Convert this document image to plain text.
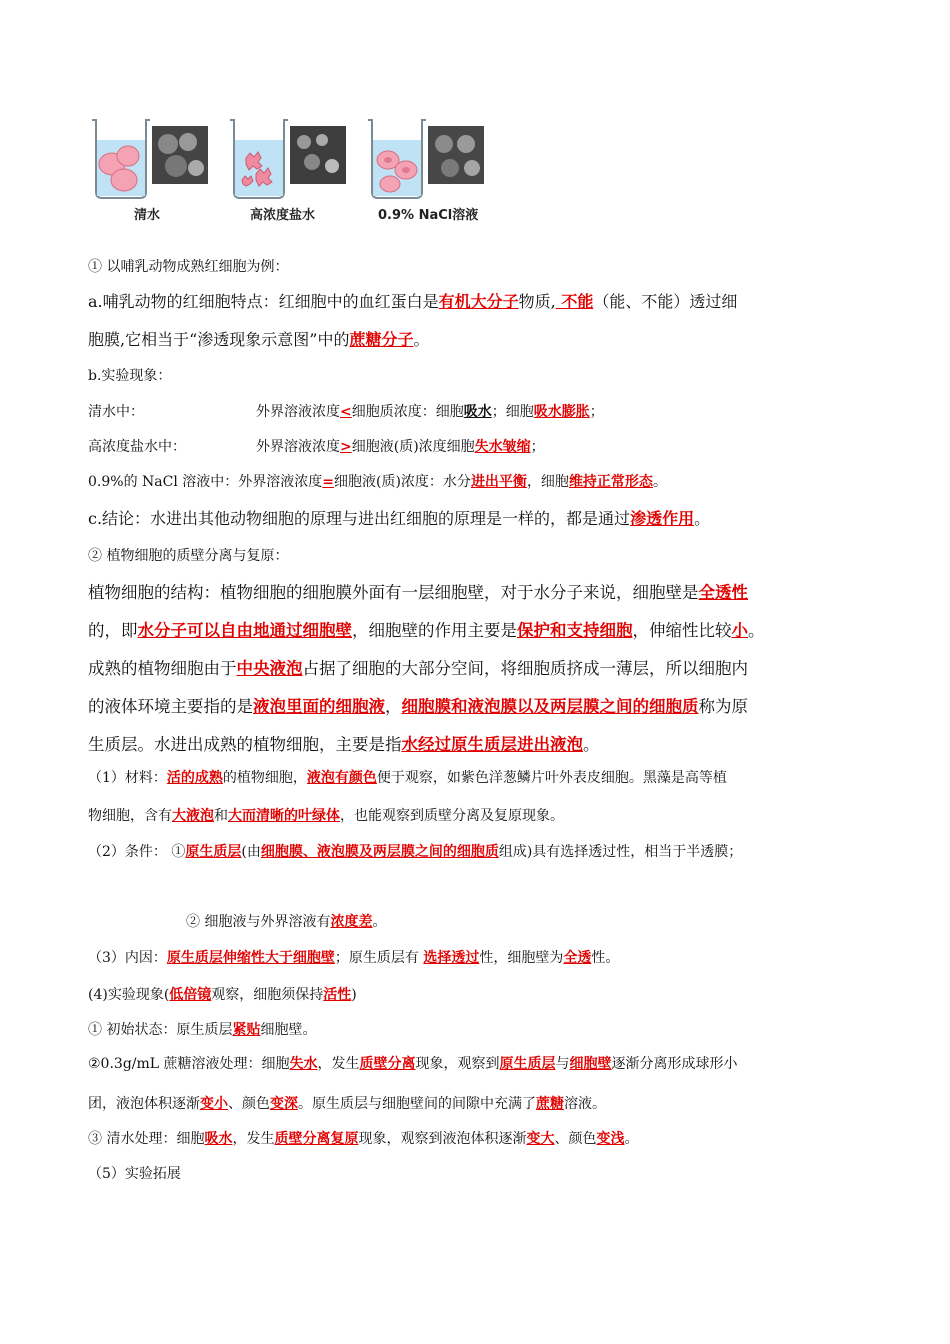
清水	高浓度盐水	0.9% NaCl溶液
① 以哺乳动物成熟红细胞为例：
a.哺乳动物的红细胞特点：红细胞中的血红蛋白是有机大分子物质, 不能（能、不能）透过细
胞膜,它相当于“渗透现象示意图”中的蔗糖分子。
b.实验现象：
清水中：	外界溶液浓度<细胞质浓度：细胞吸水；细胞吸水膨胀；
高浓度盐水中：	外界溶液浓度>细胞液(质)浓度细胞失水皱缩；
0.9%的 NaCl 溶液中：外界溶液浓度=细胞液(质)浓度：水分进出平衡，细胞维持正常形态。
c.结论：水进出其他动物细胞的原理与进出红细胞的原理是一样的，都是通过渗透作用。
② 植物细胞的质壁分离与复原：
植物细胞的结构：植物细胞的细胞膜外面有一层细胞壁，对于水分子来说，细胞壁是全透性
的，即水分子可以自由地通过细胞壁，细胞壁的作用主要是保护和支持细胞，伸缩性比较小。
成熟的植物细胞由于中央液泡占据了细胞的大部分空间，将细胞质挤成一薄层，所以细胞内
的液体环境主要指的是液泡里面的细胞液，细胞膜和液泡膜以及两层膜之间的细胞质称为原
生质层。水进出成熟的植物细胞，主要是指水经过原生质层进出液泡。
（1）材料：活的成熟的植物细胞，液泡有颜色便于观察，如紫色洋葱鳞片叶外表皮细胞。黑藻是高等植
物细胞，含有大液泡和大而清晰的叶绿体，也能观察到质壁分离及复原现象。
（2）条件： ①原生质层(由细胞膜、液泡膜及两层膜之间的细胞质组成)具有选择透过性，相当于半透膜；
② 细胞液与外界溶液有浓度差。
（3）内因：原生质层伸缩性大于细胞壁；原生质层有 选择透过性，细胞壁为全透性。
(4)实验现象(低倍镜观察，细胞须保持活性)
① 初始状态：原生质层紧贴细胞壁。
②0.3g/mL 蔗糖溶液处理：细胞失水，发生质壁分离现象，观察到原生质层与细胞壁逐渐分离形成球形小
团，液泡体积逐渐变小、颜色变深。原生质层与细胞壁间的间隙中充满了蔗糖溶液。
③ 清水处理：细胞吸水，发生质壁分离复原现象，观察到液泡体积逐渐变大、颜色变浅。
（5）实验拓展
